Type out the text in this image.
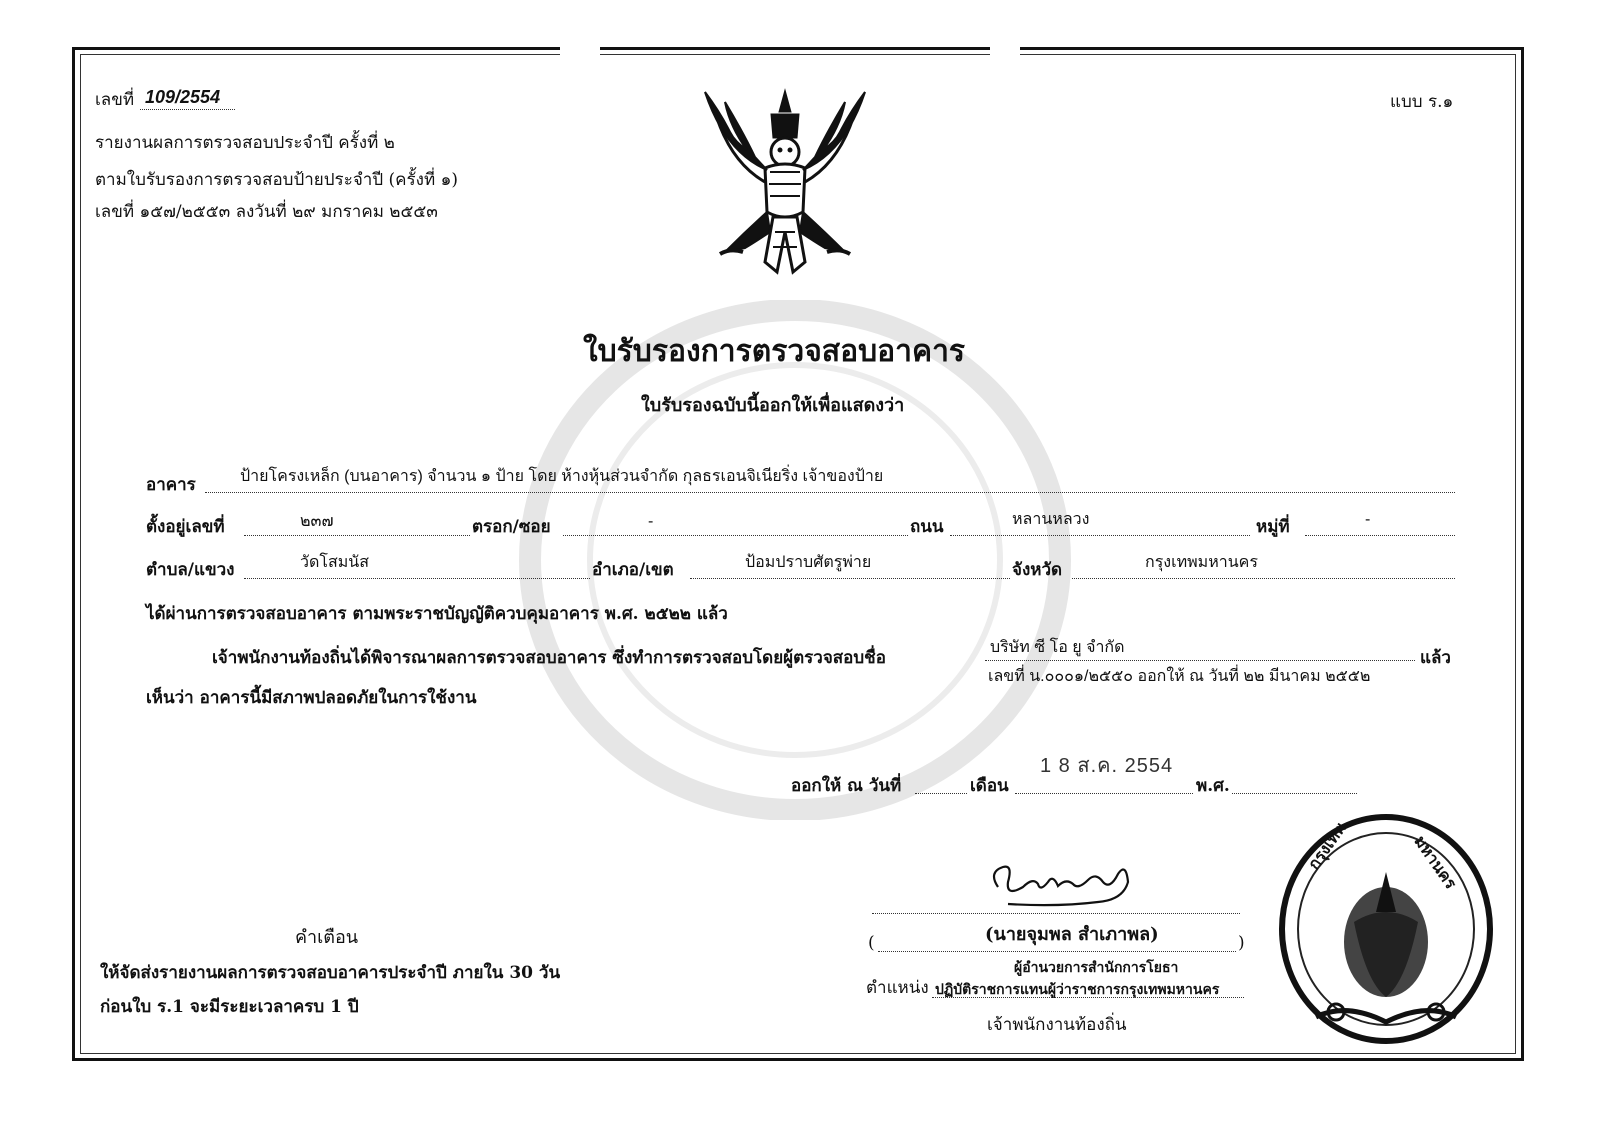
เลขที่ 109/2554	แบบ ร.๑
รายงานผลการตรวจสอบประจำปี ครั้งที่ ๒
ตามใบรับรองการตรวจสอบป้ายประจำปี (ครั้งที่ ๑)
เลขที่ ๑๕๗/๒๕๕๓ ลงวันที่ ๒๙ มกราคม ๒๕๕๓
ใบรับรองการตรวจสอบอาคาร
ใบรับรองฉบับนี้ออกให้เพื่อแสดงว่า
อาคาร	ป้ายโครงเหล็ก (บนอาคาร) จำนวน ๑ ป้าย โดย ห้างหุ้นส่วนจำกัด กุลธรเอนจิเนียริ่ง เจ้าของป้าย
ตั้งอยู่เลขที่	๒๓๗	ตรอก/ซอย	-	ถนน	หลานหลวง	หมู่ที่	-
ตำบล/แขวง	วัดโสมนัส	อำเภอ/เขต	ป้อมปราบศัตรูพ่าย	จังหวัด	กรุงเทพมหานคร
ได้ผ่านการตรวจสอบอาคาร ตามพระราชบัญญัติควบคุมอาคาร พ.ศ. ๒๕๒๒ แล้ว
เจ้าพนักงานท้องถิ่นได้พิจารณาผลการตรวจสอบอาคาร ซึ่งทำการตรวจสอบโดยผู้ตรวจสอบชื่อ
บริษัท ซี โอ ยู จำกัด
แล้ว
เลขที่ น.๐๐๐๑/๒๕๕๐ ออกให้ ณ วันที่ ๒๒ มีนาคม ๒๕๕๒
เห็นว่า อาคารนี้มีสภาพปลอดภัยในการใช้งาน
ออกให้ ณ วันที่	เดือน
1 8 ส.ค. 2554
พ.ศ.
(	(นายจุมพล สำเภาพล)	)
ผู้อำนวยการสำนักการโยธา
ตำแหน่ง ปฏิบัติราชการแทนผู้ว่าราชการกรุงเทพมหานคร
เจ้าพนักงานท้องถิ่น
คำเตือน
ให้จัดส่งรายงานผลการตรวจสอบอาคารประจำปี ภายใน 30 วัน
ก่อนใบ ร.1 จะมีระยะเวลาครบ 1 ปี
กรุงเทพ	มหานคร
